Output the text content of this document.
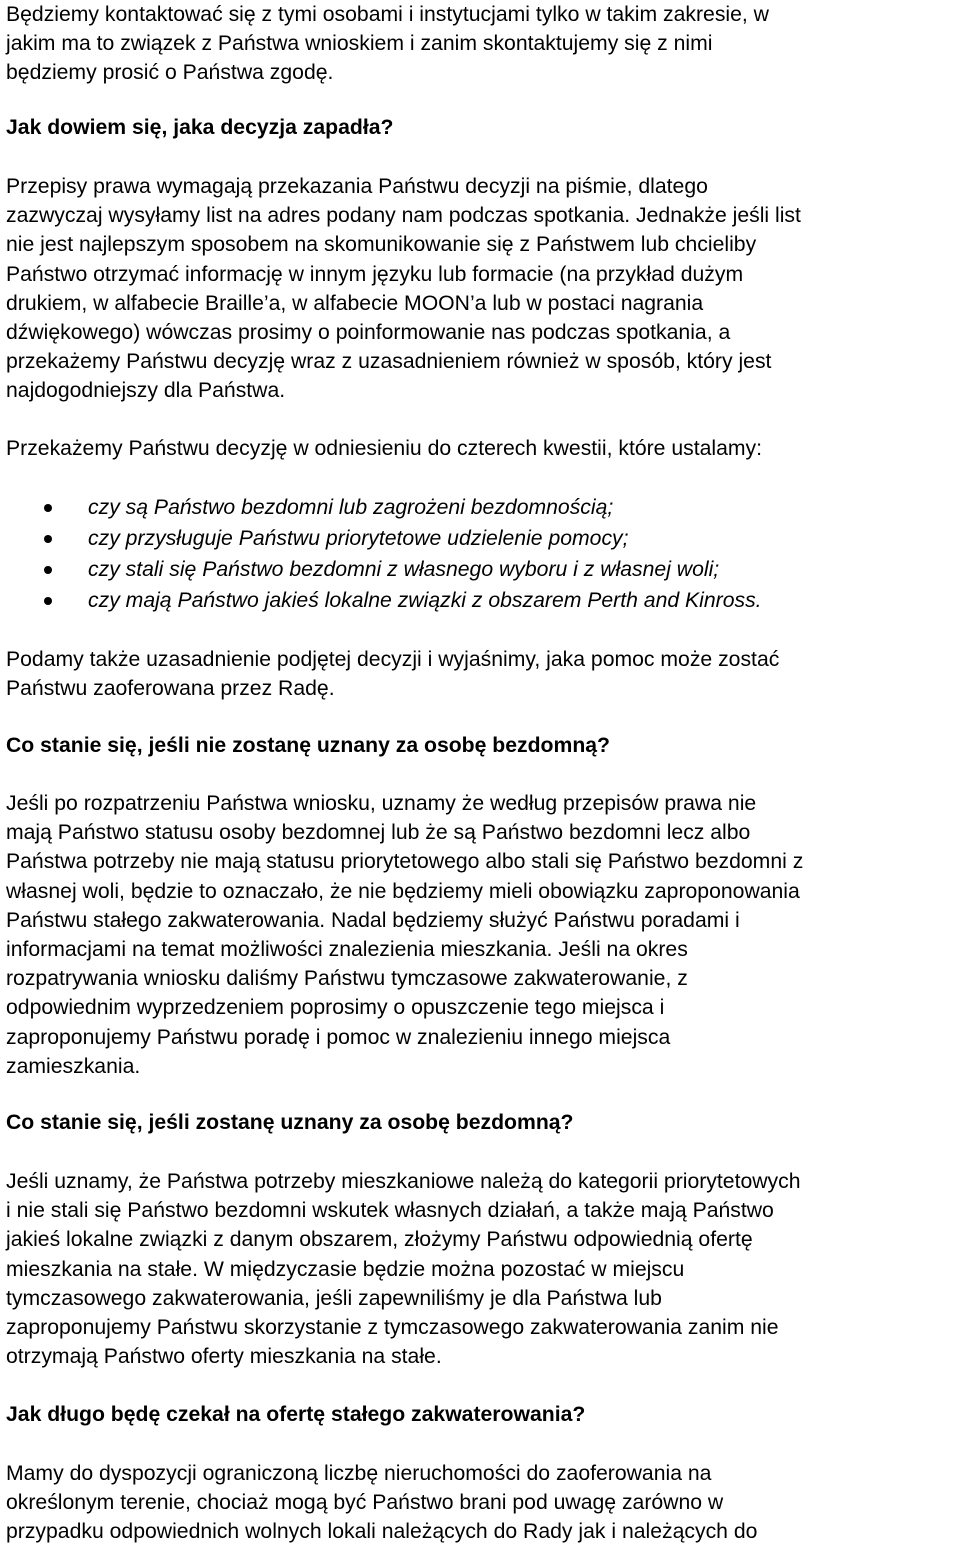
Będziemy kontaktować się z tymi osobami i instytucjami tylko w takim zakresie, w
jakim ma to związek z Państwa wnioskiem i zanim skontaktujemy się z nimi
będziemy prosić o Państwa zgodę.

Jak dowiem się, jaka decyzja zapadła?

Przepisy prawa wymagają przekazania Państwu decyzji na piśmie, dlatego
zazwyczaj wysyłamy list na adres podany nam podczas spotkania. Jednakże jeśli list
nie jest najlepszym sposobem na skomunikowanie się z Państwem lub chcieliby
Państwo otrzymać informację w innym języku lub formacie (na przykład dużym
drukiem, w alfabecie Braille’a, w alfabecie MOON’a lub w postaci nagrania
dźwiękowego) wówczas prosimy o poinformowanie nas podczas spotkania, a
przekażemy Państwu decyzję wraz z uzasadnieniem również w sposób, który jest
najdogodniejszy dla Państwa.

Przekażemy Państwu decyzję w odniesieniu do czterech kwestii, które ustalamy:

czy są Państwo bezdomni lub zagrożeni bezdomnością;
czy przysługuje Państwu priorytetowe udzielenie pomocy;
czy stali się Państwo bezdomni z własnego wyboru i z własnej woli;
czy mają Państwo jakieś lokalne związki z obszarem Perth and Kinross.

Podamy także uzasadnienie podjętej decyzji i wyjaśnimy, jaka pomoc może zostać
Państwu zaoferowana przez Radę.

Co stanie się, jeśli nie zostanę uznany za osobę bezdomną?

Jeśli po rozpatrzeniu Państwa wniosku, uznamy że według przepisów prawa nie
mają Państwo statusu osoby bezdomnej lub że są Państwo bezdomni lecz albo
Państwa potrzeby nie mają statusu priorytetowego albo stali się Państwo bezdomni z
własnej woli, będzie to oznaczało, że nie będziemy mieli obowiązku zaproponowania
Państwu stałego zakwaterowania. Nadal będziemy służyć Państwu poradami i
informacjami na temat możliwości znalezienia mieszkania. Jeśli na okres
rozpatrywania wniosku daliśmy Państwu tymczasowe zakwaterowanie, z
odpowiednim wyprzedzeniem poprosimy o opuszczenie tego miejsca i
zaproponujemy Państwu poradę i pomoc w znalezieniu innego miejsca
zamieszkania.

Co stanie się, jeśli zostanę uznany za osobę bezdomną?

Jeśli uznamy, że Państwa potrzeby mieszkaniowe należą do kategorii priorytetowych
i nie stali się Państwo bezdomni wskutek własnych działań, a także mają Państwo
jakieś lokalne związki z danym obszarem, złożymy Państwu odpowiednią ofertę
mieszkania na stałe. W międzyczasie będzie można pozostać w miejscu
tymczasowego zakwaterowania, jeśli zapewniliśmy je dla Państwa lub
zaproponujemy Państwu skorzystanie z tymczasowego zakwaterowania zanim nie
otrzymają Państwo oferty mieszkania na stałe.

Jak długo będę czekał na ofertę stałego zakwaterowania?

Mamy do dyspozycji ograniczoną liczbę nieruchomości do zaoferowania na
określonym terenie, chociaż mogą być Państwo brani pod uwagę zarówno w
przypadku odpowiednich wolnych lokali należących do Rady jak i należących do
